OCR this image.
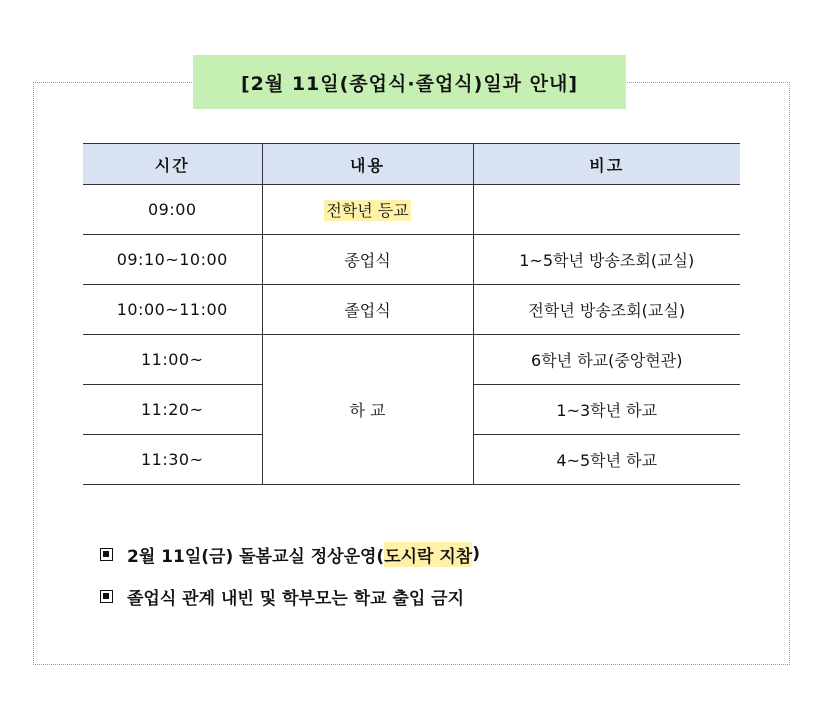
[2월 11일(종업식·졸업식)일과 안내]
시간	내용	비고
09:00	전학년 등교	
09:10~10:00	종업식	1~5학년 방송조회(교실)
10:00~11:00	졸업식	전학년 방송조회(교실)
11:00~	하 교	6학년 하교(중앙현관)
11:20~		1~3학년 하교
11:30~		4~5학년 하교
2월 11일(금) 돌봄교실 정상운영( 도시락 지참 )
졸업식 관계 내빈 및 학부모는 학교 출입 금지
